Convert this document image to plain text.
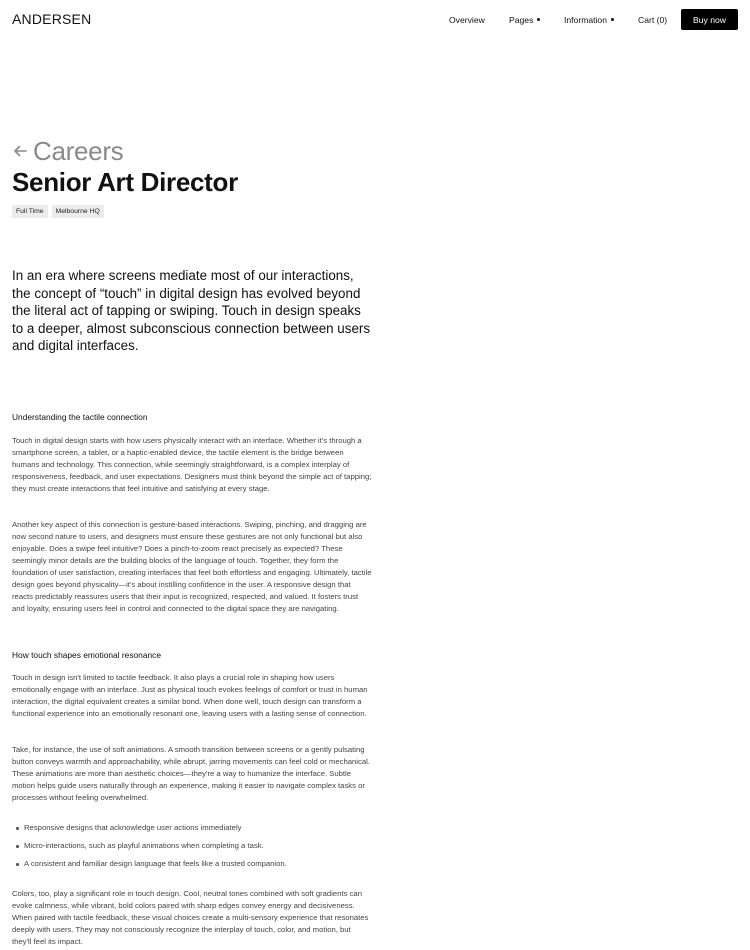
ANDERSEN	Overview	Pages	Information	Cart (0)	Buy now
Careers
Senior Art Director
Full Time	Melbourne HQ

In an era where screens mediate most of our interactions, the concept of “touch” in digital design has evolved beyond the literal act of tapping or swiping. Touch in design speaks to a deeper, almost subconscious connection between users and digital interfaces.

Understanding the tactile connection

Touch in digital design starts with how users physically interact with an interface. Whether it's through a smartphone screen, a tablet, or a haptic-enabled device, the tactile element is the bridge between humans and technology. This connection, while seemingly straightforward, is a complex interplay of responsiveness, feedback, and user expectations. Designers must think beyond the simple act of tapping; they must create interactions that feel intuitive and satisfying at every stage.

Another key aspect of this connection is gesture-based interactions. Swiping, pinching, and dragging are now second nature to users, and designers must ensure these gestures are not only functional but also enjoyable. Does a swipe feel intuitive? Does a pinch-to-zoom react precisely as expected? These seemingly minor details are the building blocks of the language of touch. Together, they form the foundation of user satisfaction, creating interfaces that feel both effortless and engaging. Ultimately, tactile design goes beyond physicality—it's about instilling confidence in the user. A responsive design that reacts predictably reassures users that their input is recognized, respected, and valued. It fosters trust and loyalty, ensuring users feel in control and connected to the digital space they are navigating.

How touch shapes emotional resonance

Touch in design isn't limited to tactile feedback. It also plays a crucial role in shaping how users emotionally engage with an interface. Just as physical touch evokes feelings of comfort or trust in human interaction, the digital equivalent creates a similar bond. When done well, touch design can transform a functional experience into an emotionally resonant one, leaving users with a lasting sense of connection.

Take, for instance, the use of soft animations. A smooth transition between screens or a gently pulsating button conveys warmth and approachability, while abrupt, jarring movements can feel cold or mechanical. These animations are more than aesthetic choices—they're a way to humanize the interface. Subtle motion helps guide users naturally through an experience, making it easier to navigate complex tasks or processes without feeling overwhelmed.

Responsive designs that acknowledge user actions immediately
Micro-interactions, such as playful animations when completing a task.
A consistent and familiar design language that feels like a trusted companion.

Colors, too, play a significant role in touch design. Cool, neutral tones combined with soft gradients can evoke calmness, while vibrant, bold colors paired with sharp edges convey energy and decisiveness. When paired with tactile feedback, these visual choices create a multi-sensory experience that resonates deeply with users. They may not consciously recognize the interplay of touch, color, and motion, but they'll feel its impact.
